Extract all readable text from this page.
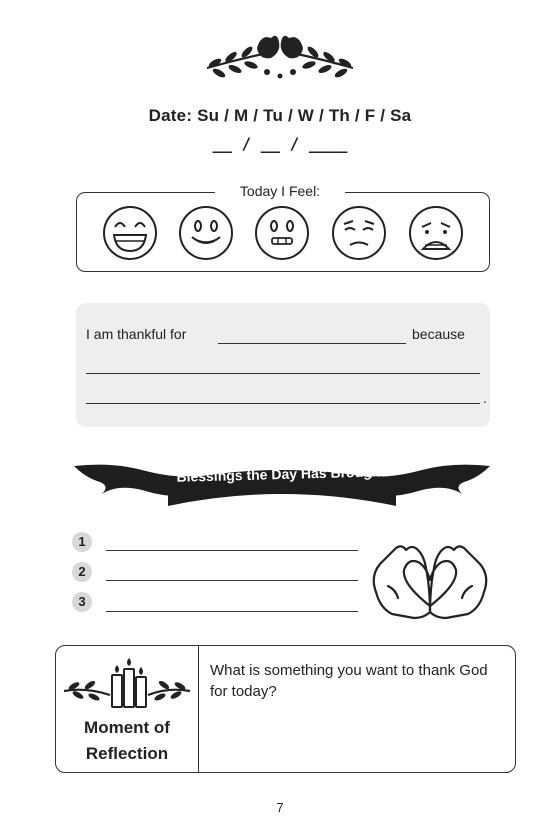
Date: Su / M / Tu / W / Th / F / Sa
__ / __ / ____
Today I Feel:
I am thankful for	because
.
Blessings the Day Has Brought:
1
2
3
Moment of
Reflection
What is something you want to thank God for today?
7
